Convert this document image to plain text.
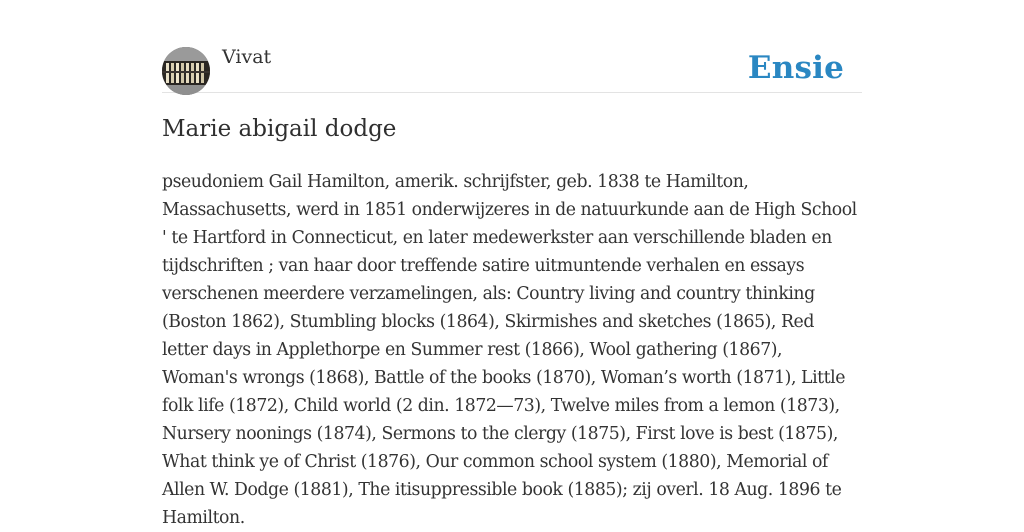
Vivat	Ensie
Marie abigail dodge

pseudoniem Gail Hamilton, amerik. schrijfster, geb. 1838 te Hamilton, Massachusetts, werd in 1851 onderwijzeres in de natuurkunde aan de High School ' te Hartford in Connecticut, en later medewerkster aan verschillende bladen en tijdschriften ; van haar door treffende satire uitmuntende verhalen en essays verschenen meerdere verzamelingen, als: Country living and country thinking (Boston 1862), Stumbling blocks (1864), Skirmishes and sketches (1865), Red letter days in Applethorpe en Summer rest (1866), Wool gathering (1867), Woman's wrongs (1868), Battle of the books (1870), Woman’s worth (1871), Little folk life (1872), Child world (2 din. 1872—73), Twelve miles from a lemon (1873), Nursery noonings (1874), Sermons to the clergy (1875), First love is best (1875), What think ye of Christ (1876), Our common school system (1880), Memorial of Allen W. Dodge (1881), The itisuppressible book (1885); zij overl. 18 Aug. 1896 te Hamilton.
